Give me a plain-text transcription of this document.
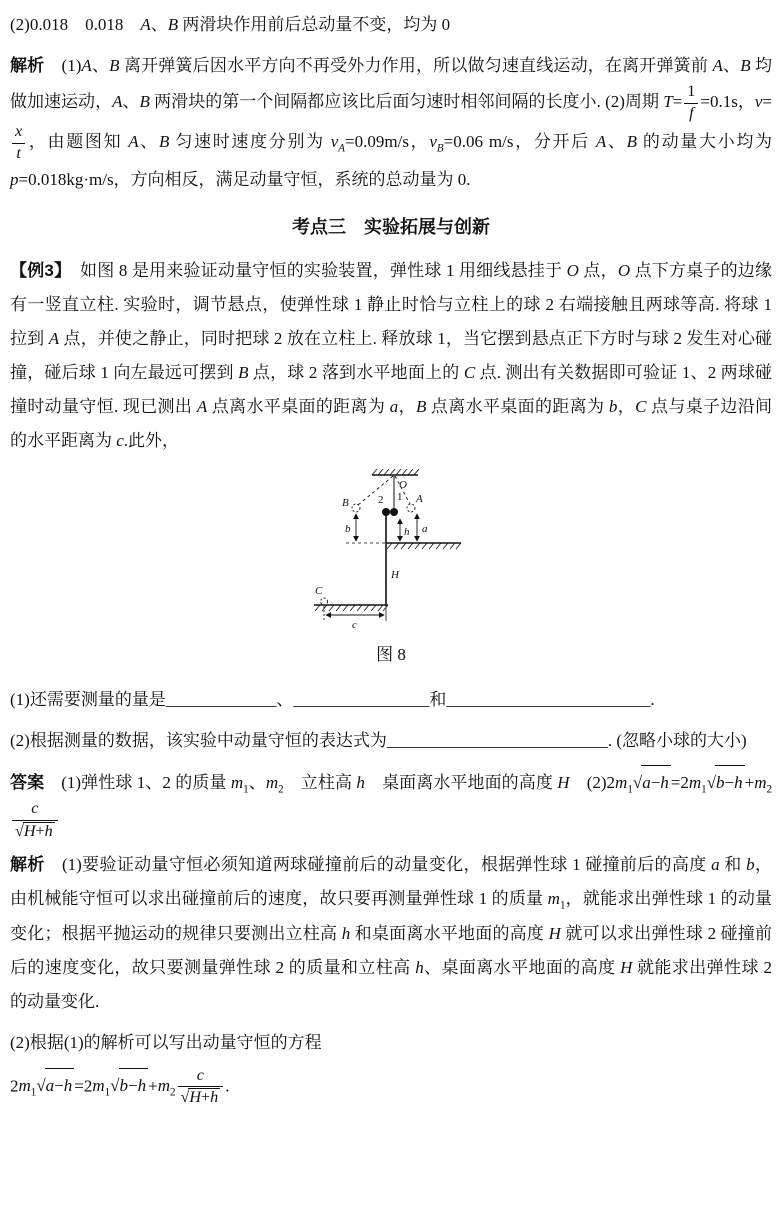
(2)0.018　0.018　A、B 两滑块作用前后总动量不变，均为 0

解析　(1)A、B 离开弹簧后因水平方向不再受外力作用，所以做匀速直线运动，在离开弹簧前 A、B 均做加速运动，A、B 两滑块的第一个间隔都应该比后面匀速时相邻间隔的长度小. (2)周期 $T= \frac{1}{f} =0.1s$，v=
$\frac{x}{t}$ ，由题图知 A、B 匀速时速度分别为 $v_A=0.09m/s$，$v_B=0.06$ m/s，分开后 A、B 的动量大小均为 p=0.018kg·m/s，方向相反，满足动量守恒，系统的总动量为 0.

考点三　实验拓展与创新

【例3】　如图 8 是用来验证动量守恒的实验装置，弹性球 1 用细线悬挂于 O 点，O 点下方桌子的边缘有一竖直立柱. 实验时，调节悬点，使弹性球 1 静止时恰与立柱上的球 2 右端接触且两球等高. 将球 1 拉到 A 点，并使之静止，同时把球 2 放在立柱上. 释放球 1，当它摆到悬点正下方时与球 2 发生对心碰撞，碰后球 1 向左最远可摆到 B 点，球 2 落到水平地面上的 C 点. 测出有关数据即可验证 1、2 两球碰撞时动量守恒. 现已测出 A 点离水平桌面的距离为 a，B 点离水平桌面的距离为 b，C 点与桌子边沿间的水平距离为 c.此外，

O
1
2	A
B
C
a
b	h
H
c
图 8

(1)还需要测量的量是_____________、________________和________________________.

(2)根据测量的数据，该实验中动量守恒的表达式为__________________________. (忽略小球的大小)

答案　(1)弹性球 1、2 的质量 $m_1$、$m_2$　立柱高 h　桌面离水平地面的高度 H　$(2)2m_1√a-h =2m_1√b-h +m_2$
$\frac{c}{√H+h}$

解析　(1)要验证动量守恒必须知道两球碰撞前后的动量变化，根据弹性球 1 碰撞前后的高度 a 和 b，由机械能守恒可以求出碰撞前后的速度，故只要再测量弹性球 1 的质量 $m_1$，就能求出弹性球 1 的动量变化；根据平抛运动的规律只要测出立柱高 h 和桌面离水平地面的高度 H 就可以求出弹性球 2 碰撞前后的速度变化，故只要测量弹性球 2 的质量和立柱高 h、桌面离水平地面的高度 H 就能求出弹性球 2 的动量变化.

(2)根据(1)的解析可以写出动量守恒的方程

$2m_1√a-h =2m_1√b-h +m_2 \frac{c}{√H+h}$ .
